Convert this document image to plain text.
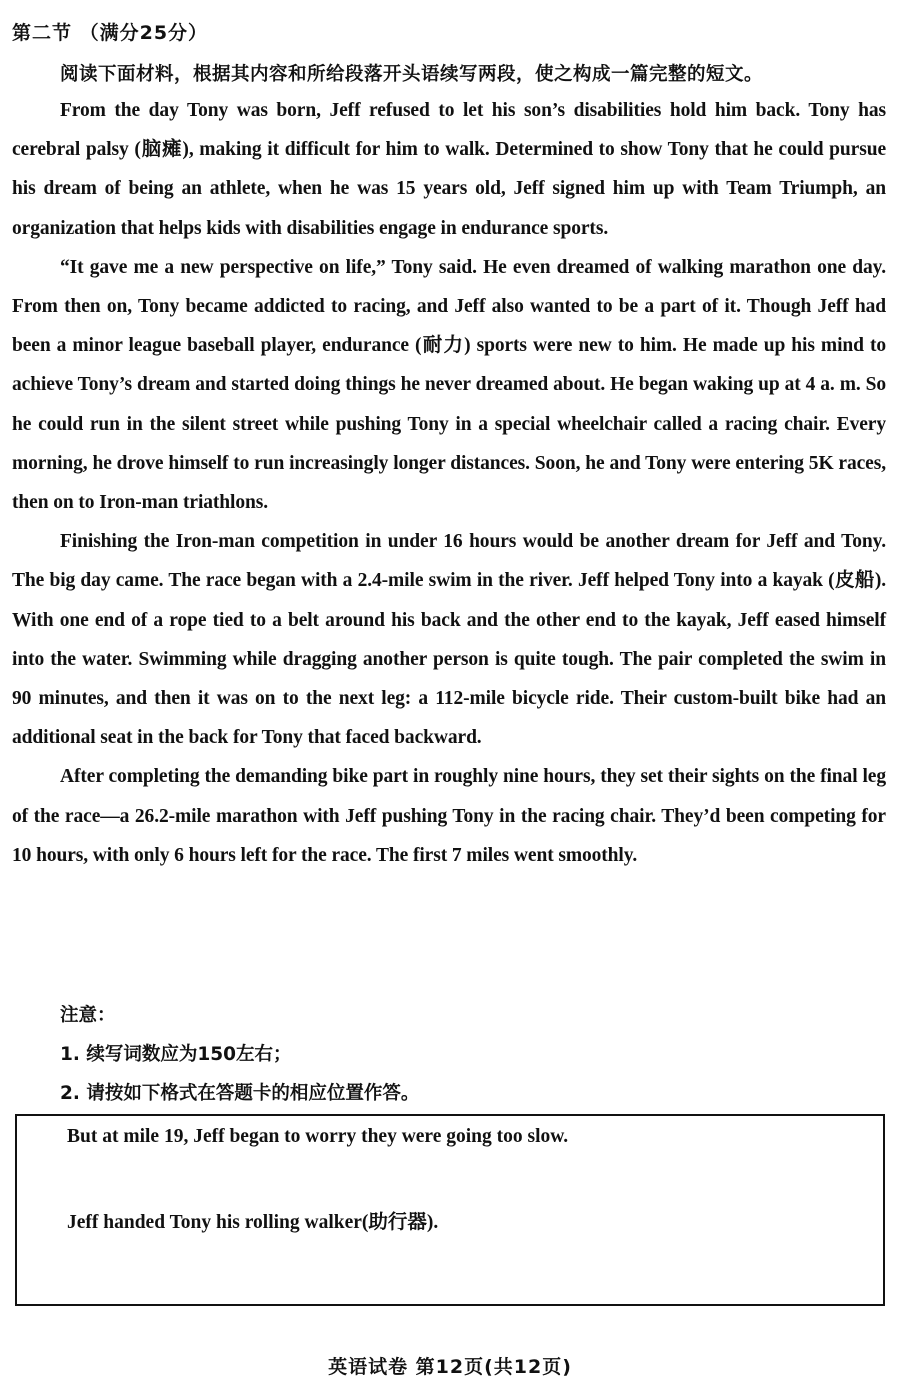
第二节 （满分25分）
阅读下面材料，根据其内容和所给段落开头语续写两段，使之构成一篇完整的短文。

From the day Tony was born, Jeff refused to let his son’s disabilities hold him back. Tony has cerebral palsy (脑瘫), making it difficult for him to walk. Determined to show Tony that he could pursue his dream of being an athlete, when he was 15 years old, Jeff signed him up with Team Triumph, an organization that helps kids with disabilities engage in endurance sports.

“It gave me a new perspective on life,” Tony said. He even dreamed of walking marathon one day. From then on, Tony became addicted to racing, and Jeff also wanted to be a part of it. Though Jeff had been a minor league baseball player, endurance (耐力) sports were new to him. He made up his mind to achieve Tony’s dream and started doing things he never dreamed about. He began waking up at 4 a. m. So he could run in the silent street while pushing Tony in a special wheelchair called a racing chair. Every morning, he drove himself to run increasingly longer distances. Soon, he and Tony were entering 5K races, then on to Iron-man triathlons.

Finishing the Iron-man competition in under 16 hours would be another dream for Jeff and Tony. The big day came. The race began with a 2.4-mile swim in the river. Jeff helped Tony into a kayak (皮船). With one end of a rope tied to a belt around his back and the other end to the kayak, Jeff eased himself into the water. Swimming while dragging another person is quite tough. The pair completed the swim in 90 minutes, and then it was on to the next leg: a 112-mile bicycle ride. Their custom-built bike had an additional seat in the back for Tony that faced backward.

After completing the demanding bike part in roughly nine hours, they set their sights on the final leg of the race—a 26.2-mile marathon with Jeff pushing Tony in the racing chair. They’d been competing for 10 hours, with only 6 hours left for the race. The first 7 miles went smoothly.

注意：
1. 续写词数应为150左右；
2. 请按如下格式在答题卡的相应位置作答。
But at mile 19, Jeff began to worry they were going too slow.
Jeff handed Tony his rolling walker(助行器).
英语试卷 第12页(共12页)
